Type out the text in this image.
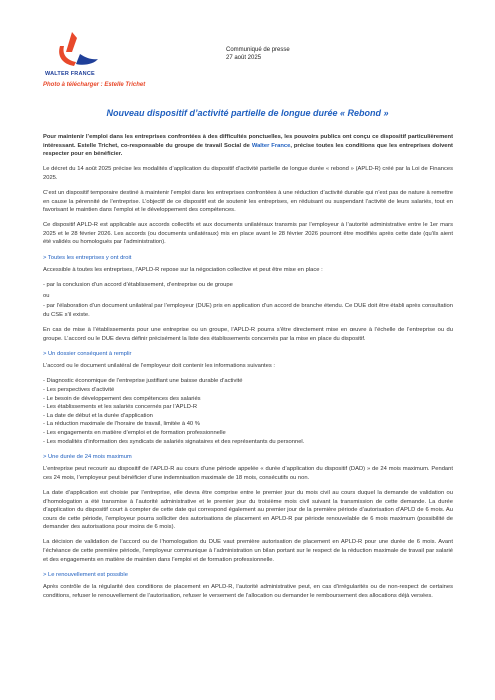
WALTER FRANCE
Communiqué de presse
27 août 2025
Photo à télécharger : Estelle Trichet
Nouveau dispositif d’activité partielle de longue durée « Rebond »

Pour maintenir l’emploi dans les entreprises confrontées à des difficultés ponctuelles, les pouvoirs publics ont conçu ce dispositif particulièrement intéressant. Estelle Trichet, co-responsable du groupe de travail Social de Walter France, précise toutes les conditions que les entreprises doivent respecter pour en bénéficier.

Le décret du 14 août 2025 précise les modalités d’application du dispositif d’activité partielle de longue durée « rebond » (APLD-R) créé par la Loi de Finances 2025.

C’est un dispositif temporaire destiné à maintenir l’emploi dans les entreprises confrontées à une réduction d’activité durable qui n’est pas de nature à remettre en cause la pérennité de l’entreprise. L’objectif de ce dispositif est de soutenir les entreprises, en réduisant ou suspendant l’activité de leurs salariés, tout en favorisant le maintien dans l’emploi et le développement des compétences.

Ce dispositif APLD-R est applicable aux accords collectifs et aux documents unilatéraux transmis par l’employeur à l’autorité administrative entre le 1er mars 2025 et le 28 février 2026. Les accords (ou documents unilatéraux) mis en place avant le 28 février 2026 pourront être modifiés après cette date (qu’ils aient été validés ou homologués par l’administration).

> Toutes les entreprises y ont droit

Accessible à toutes les entreprises, l’APLD-R repose sur la négociation collective et peut être mise en place :

- par la conclusion d’un accord d’établissement, d’entreprise ou de groupe

ou

- par l’élaboration d’un document unilatéral par l’employeur (DUE) pris en application d’un accord de branche étendu. Ce DUE doit être établi après consultation du CSE s’il existe.

En cas de mise à l’établissements pour une entreprise ou un groupe, l’APLD-R pourra s’être directement mise en œuvre à l’échelle de l’entreprise ou du groupe. L’accord ou le DUE devra définir précisément la liste des établissements concernés par la mise en place du dispositif.

> Un dossier conséquent à remplir

L’accord ou le document unilatéral de l’employeur doit contenir les informations suivantes :

- Diagnostic économique de l’entreprise justifiant une baisse durable d’activité
- Les perspectives d’activité
- Le besoin de développement des compétences des salariés
- Les établissements et les salariés concernés par l’APLD-R
- La date de début et la durée d’application
- La réduction maximale de l’horaire de travail, limitée à 40 %
- Les engagements en matière d’emploi et de formation professionnelle
- Les modalités d’information des syndicats de salariés signataires et des représentants du personnel.
> Une durée de 24 mois maximum

L’entreprise peut recourir au dispositif de l’APLD-R au cours d’une période appelée « durée d’application du dispositif (DAD) » de 24 mois maximum. Pendant ces 24 mois, l’employeur peut bénéficier d’une indemnisation maximale de 18 mois, consécutifs ou non.

La date d’application est choisie par l’entreprise, elle devra être comprise entre le premier jour du mois civil au cours duquel la demande de validation ou d’homologation a été transmise à l’autorité administrative et le premier jour du troisième mois civil suivant la transmission de cette demande. La durée d’application du dispositif court à compter de cette date qui correspond également au premier jour de la première période d’autorisation d’APLD de 6 mois. Au cours de cette période, l’employeur pourra solliciter des autorisations de placement en APLD-R par période renouvelable de 6 mois maximum (possibilité de demander des autorisations pour moins de 6 mois).

La décision de validation de l’accord ou de l’homologation du DUE vaut première autorisation de placement en APLD-R pour une durée de 6 mois. Avant l’échéance de cette première période, l’employeur communique à l’administration un bilan portant sur le respect de la réduction maximale de travail par salarié et des engagements en matière de maintien dans l’emploi et de formation professionnelle.

> Le renouvellement est possible

Après contrôle de la régularité des conditions de placement en APLD-R, l’autorité administrative peut, en cas d’irrégularités ou de non-respect de certaines conditions, refuser le renouvellement de l’autorisation, refuser le versement de l’allocation ou demander le remboursement des allocations déjà versées.
